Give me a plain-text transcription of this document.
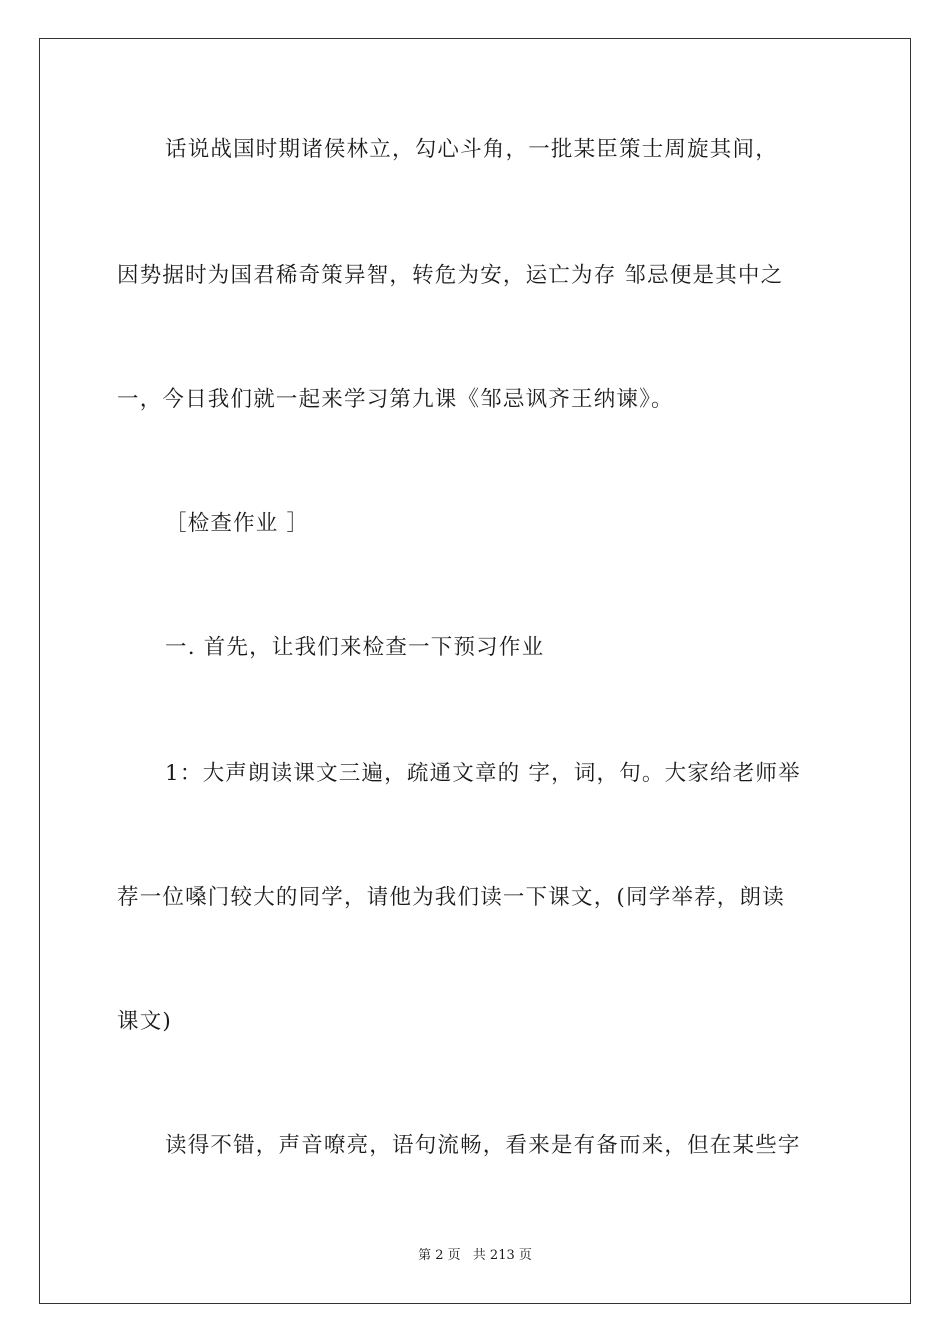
话说战国时期诸侯林立，勾心斗角，一批某臣策士周旋其间，
因势据时为国君稀奇策异智，转危为安，运亡为存 邹忌便是其中之
一，今日我们就一起来学习第九课《邹忌讽齐王纳谏》。
［检查作业 ］
一. 首先，让我们来检查一下预习作业
1：大声朗读课文三遍，疏通文章的 字，词，句。大家给老师举
荐一位嗓门较大的同学，请他为我们读一下课文，(同学举荐，朗读
课文)
读得不错，声音嘹亮，语句流畅，看来是有备而来，但在某些字
第 2 页 共 213 页
